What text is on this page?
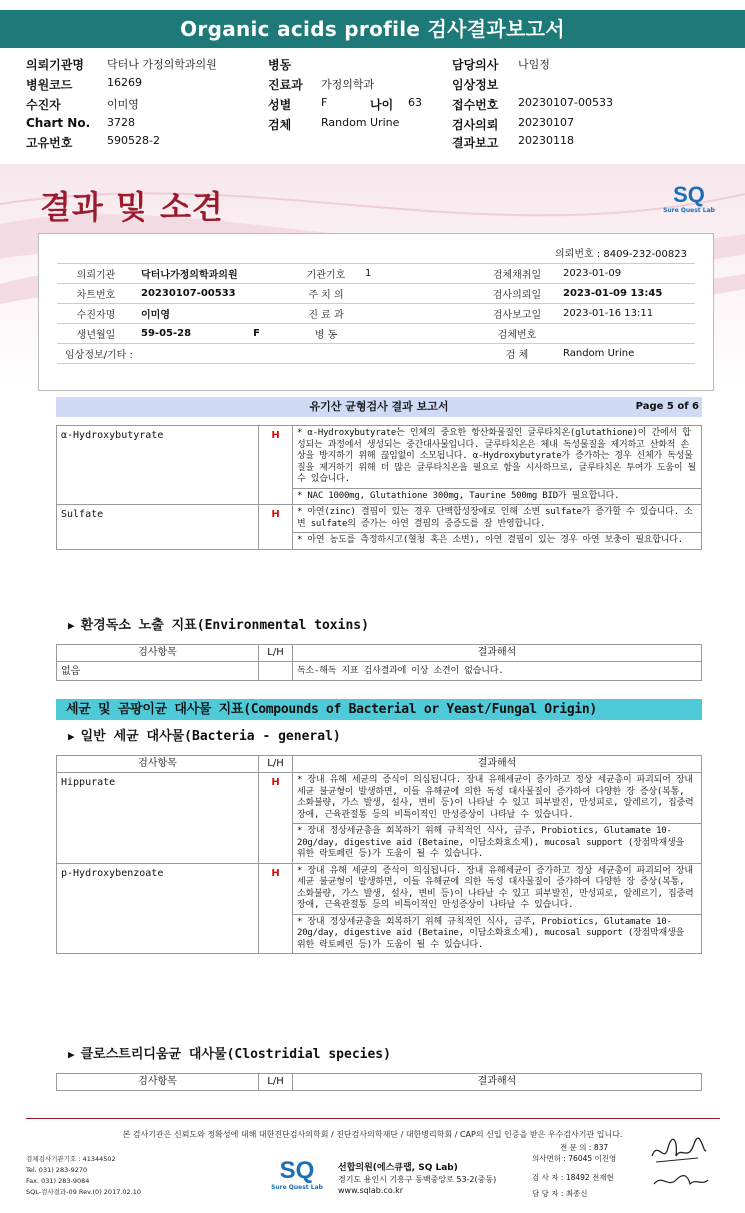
Organic acids profile 검사결과보고서
의뢰기관명 닥터나 가정의학과의원	병동	담당의사 나임정
병원코드	16269	진료과 가정의학과	임상정보
수진자	이미영	성별	F	나이 63	접수번호 20230107-00533
Chart No. 3728	검체	Random Urine	검사의뢰 20230107
고유번호	590528-2	결과보고 20230118
결과 및 소견	SQ
Sure Quest Lab
의뢰번호 : 8409-232-00823
의뢰기관	닥터나가정의학과의원	기관기호	1	검체채취일	2023-01-09
차트번호	20230107-00533	주 치 의		검사의뢰일	2023-01-09 13:45
수진자명	이미영	진 료 과		검사보고일	2023-01-16 13:11
생년월일	59-05-28 F	병 동		검체번호	
임상정보/기타 :				검 체	Random Urine
유기산 균형검사 결과 보고서	Page 5 of 6
α-Hydroxybutyrate	H	* α-Hydroxybutyrate는 인체의 중요한 항산화물질인 글루타치온(glutathione)이 간에서 합성되는 과정에서 생성되는 중간대사물입니다. 글루타치온은 체내 독성물질을 제거하고 산화적 손상을 방지하기 위해 끊임없이 소모됩니다. α-Hydroxybutyrate가 증가하는 경우 신체가 독성물질을 제거하기 위해 더 많은 글루타치온을 필요로 함을 시사하므로, 글루타치온 투여가 도움이 될 수 있습니다.
		* NAC 1000mg, Glutathione 300mg, Taurine 500mg BID가 필요합니다.
Sulfate	H	* 아연(zinc) 결핍이 있는 경우 단백합성장애로 인해 소변 sulfate가 증가할 수 있습니다. 소변 sulfate의 증가는 아연 결핍의 중증도를 잘 반영합니다.
		* 아연 농도를 측정하시고(혈청 혹은 소변), 아연 결핍이 있는 경우 아연 보충이 필요합니다.
▶ 환경독소 노출 지표(Environmental toxins)
검사항목	L/H	결과해석
없음		독소-해독 지표 검사결과에 이상 소견이 없습니다.
세균 및 곰팡이균 대사물 지표(Compounds of Bacterial or Yeast/Fungal Origin)
▶ 일반 세균 대사물(Bacteria - general)
검사항목	L/H	결과해석
Hippurate	H	* 장내 유해 세균의 증식이 의심됩니다. 장내 유해세균이 증가하고 정상 세균총이 파괴되어 장내 세균 불균형이 발생하면, 이들 유해균에 의한 독성 대사물질이 증가하여 다양한 장 증상(복통, 소화불량, 가스 발생, 설사, 변비 등)이 나타날 수 있고 피부발진, 만성피로, 알레르기, 집중력 장애, 근육관절통 등의 비특이적인 만성증상이 나타날 수 있습니다.
		* 장내 정상세균총을 회복하기 위해 규칙적인 식사, 금주, Probiotics, Glutamate 10-20g/day, digestive aid (Betaine, 이담소화효소제), mucosal support (장점막재생을 위한 락토페린 등)가 도움이 될 수 있습니다.
p-Hydroxybenzoate	H	* 장내 유해 세균의 증식이 의심됩니다. 장내 유해세균이 증가하고 정상 세균총이 파괴되어 장내 세균 불균형이 발생하면, 이들 유해균에 의한 독성 대사물질이 증가하여 다양한 장 증상(복통, 소화불량, 가스 발생, 설사, 변비 등)이 나타날 수 있고 피부발진, 만성피로, 알레르기, 집중력 장애, 근육관절통 등의 비특이적인 만성증상이 나타날 수 있습니다.
		* 장내 정상세균총을 회복하기 위해 규칙적인 식사, 금주, Probiotics, Glutamate 10-20g/day, digestive aid (Betaine, 이담소화효소제), mucosal support (장점막재생을 위한 락토페린 등)가 도움이 될 수 있습니다.
▶ 클로스트리디움균 대사물(Clostridial species)
검사항목	L/H	결과해석
본 검사기관은 신뢰도와 정확성에 대해 대한진단검사의학회 / 진단검사의학재단 / 대한병리학회 / CAP의 신입 인증을 받은 우수검사기관 입니다.
검체검사기관기호 : 41344502
Tel. 031) 283-9270
Fax. 031) 283-9084
SQL-검사결과-09 Rev.(0) 2017.02.10
SQ
Sure Quest Lab
선합의원(에스큐랩, SQ Lab)
경기도 용인시 기흥구 동백중앙로 53-2(중동)
www.sqlab.co.kr
전 문 의 : 837
의사면허 : 76045 이진영
검 사 자 : 18492 전재현
담 당 자 : 최종신
